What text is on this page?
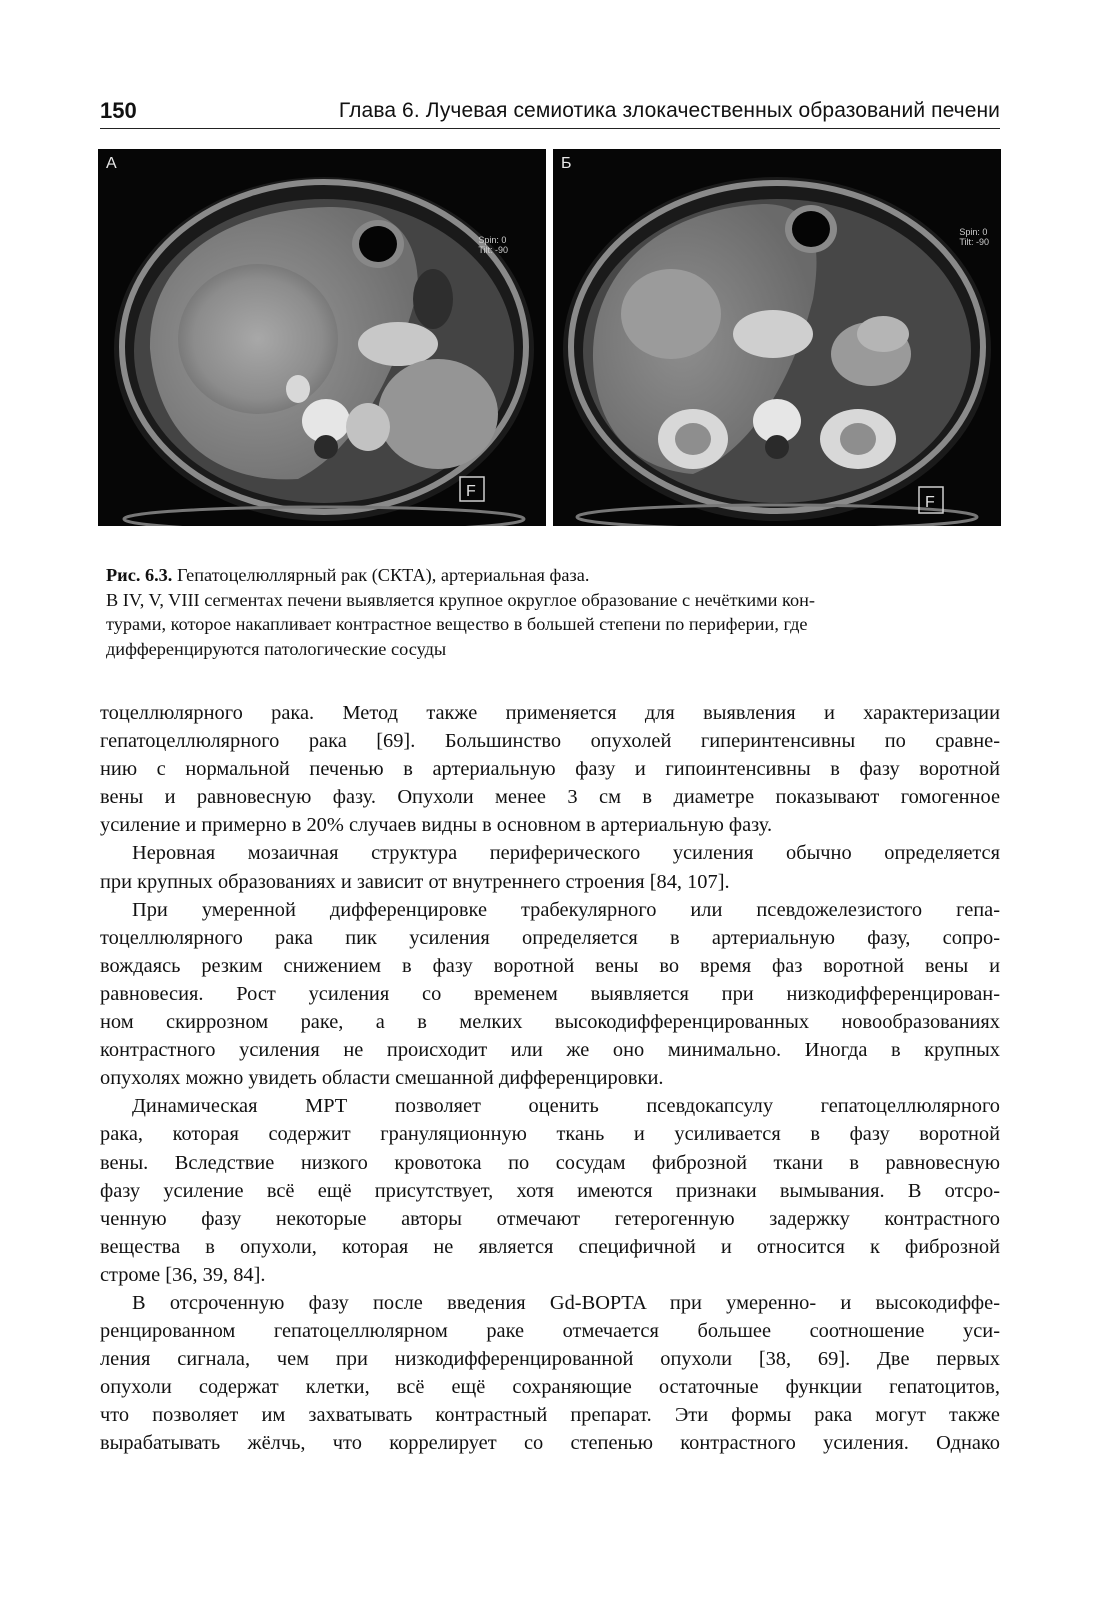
150	Глава 6. Лучевая семиотика злокачественных образований печени
F
А
Spin: 0
Tilt: -90
F
Б
Spin: 0
Tilt: -90
Рис. 6.3. Гепатоцелюллярный рак (СКТА), артериальная фаза.
В IV, V, VIII сегментах печени выявляется крупное округлое образование с нечёткими кон-
турами, которое накапливает контрастное вещество в большей степени по периферии, где
дифференцируются патологические сосуды
тоцеллюлярного рака. Метод также применяется для выявления и характеризации
гепатоцеллюлярного рака [69]. Большинство опухолей гиперинтенсивны по сравне-
нию с нормальной печенью в артериальную фазу и гипоинтенсивны в фазу воротной
вены и равновесную фазу. Опухоли менее 3 см в диаметре показывают гомогенное
усиление и примерно в 20% случаев видны в основном в артериальную фазу.
Неровная мозаичная структура периферического усиления обычно определяется
при крупных образованиях и зависит от внутреннего строения [84, 107].
При умеренной дифференцировке трабекулярного или псевдожелезистого гепа-
тоцеллюлярного рака пик усиления определяется в артериальную фазу, сопро-
вождаясь резким снижением в фазу воротной вены во время фаз воротной вены и
равновесия. Рост усиления со временем выявляется при низкодифференцирован-
ном скиррозном раке, а в мелких высокодифференцированных новообразованиях
контрастного усиления не происходит или же оно минимально. Иногда в крупных
опухолях можно увидеть области смешанной дифференцировки.
Динамическая МРТ позволяет оценить псевдокапсулу гепатоцеллюлярного
рака, которая содержит грануляционную ткань и усиливается в фазу воротной
вены. Вследствие низкого кровотока по сосудам фиброзной ткани в равновесную
фазу усиление всё ещё присутствует, хотя имеются признаки вымывания. В отсро-
ченную фазу некоторые авторы отмечают гетерогенную задержку контрастного
вещества в опухоли, которая не является специфичной и относится к фиброзной
строме [36, 39, 84].
В отсроченную фазу после введения Gd-BOPTA при умеренно- и высокодиффе-
ренцированном гепатоцеллюлярном раке отмечается большее соотношение уси-
ления сигнала, чем при низкодифференцированной опухоли [38, 69]. Две первых
опухоли содержат клетки, всё ещё сохраняющие остаточные функции гепатоцитов,
что позволяет им захватывать контрастный препарат. Эти формы рака могут также
вырабатывать жёлчь, что коррелирует со степенью контрастного усиления. Однако
